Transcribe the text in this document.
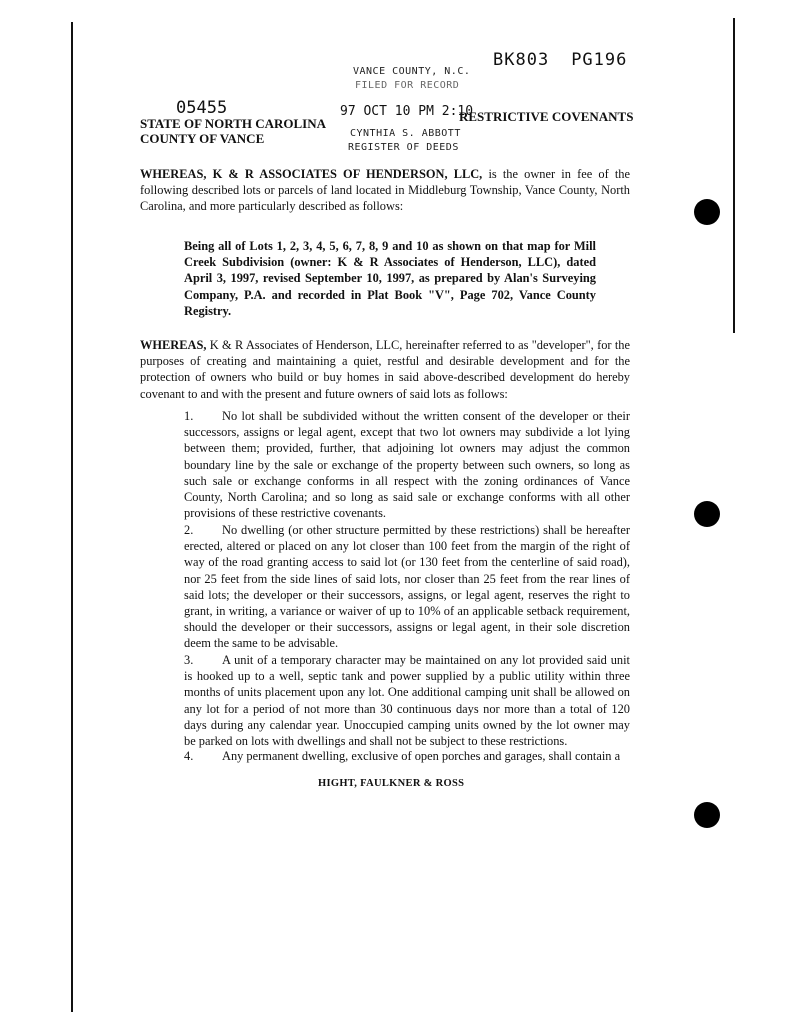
BK803 PG196
VANCE COUNTY, N.C.
FILED FOR RECORD
97 OCT 10 PM 2:10
CYNTHIA S. ABBOTT
REGISTER OF DEEDS
05455
STATE OF NORTH CAROLINA
COUNTY OF VANCE
RESTRICTIVE COVENANTS

WHEREAS, K & R ASSOCIATES OF HENDERSON, LLC, is the owner in fee of the following described lots or parcels of land located in Middleburg Township, Vance County, North Carolina, and more particularly described as follows:

Being all of Lots 1, 2, 3, 4, 5, 6, 7, 8, 9 and 10 as shown on that map for Mill Creek Subdivision (owner: K & R Associates of Henderson, LLC), dated April 3, 1997, revised September 10, 1997, as prepared by Alan's Surveying Company, P.A. and recorded in Plat Book "V", Page 702, Vance County Registry.

WHEREAS, K & R Associates of Henderson, LLC, hereinafter referred to as "developer", for the purposes of creating and maintaining a quiet, restful and desirable development and for the protection of owners who build or buy homes in said above-described development do hereby covenant to and with the present and future owners of said lots as follows:

1. No lot shall be subdivided without the written consent of the developer or their successors, assigns or legal agent, except that two lot owners may subdivide a lot lying between them; provided, further, that adjoining lot owners may adjust the common boundary line by the sale or exchange of the property between such owners, so long as such sale or exchange conforms in all respect with the zoning ordinances of Vance County, North Carolina; and so long as said sale or exchange conforms with all other provisions of these restrictive covenants.

2. No dwelling (or other structure permitted by these restrictions) shall be hereafter erected, altered or placed on any lot closer than 100 feet from the margin of the right of way of the road granting access to said lot (or 130 feet from the centerline of said road), nor 25 feet from the side lines of said lots, nor closer than 25 feet from the rear lines of said lots; the developer or their successors, assigns, or legal agent, reserves the right to grant, in writing, a variance or waiver of up to 10% of an applicable setback requirement, should the developer or their successors, assigns or legal agent, in their sole discretion deem the same to be advisable.

3. A unit of a temporary character may be maintained on any lot provided said unit is hooked up to a well, septic tank and power supplied by a public utility within three months of units placement upon any lot. One additional camping unit shall be allowed on any lot for a period of not more than 30 continuous days nor more than a total of 120 days during any calendar year. Unoccupied camping units owned by the lot owner may be parked on lots with dwellings and shall not be subject to these restrictions.

4. Any permanent dwelling, exclusive of open porches and garages, shall contain a

HIGHT, FAULKNER & ROSS
